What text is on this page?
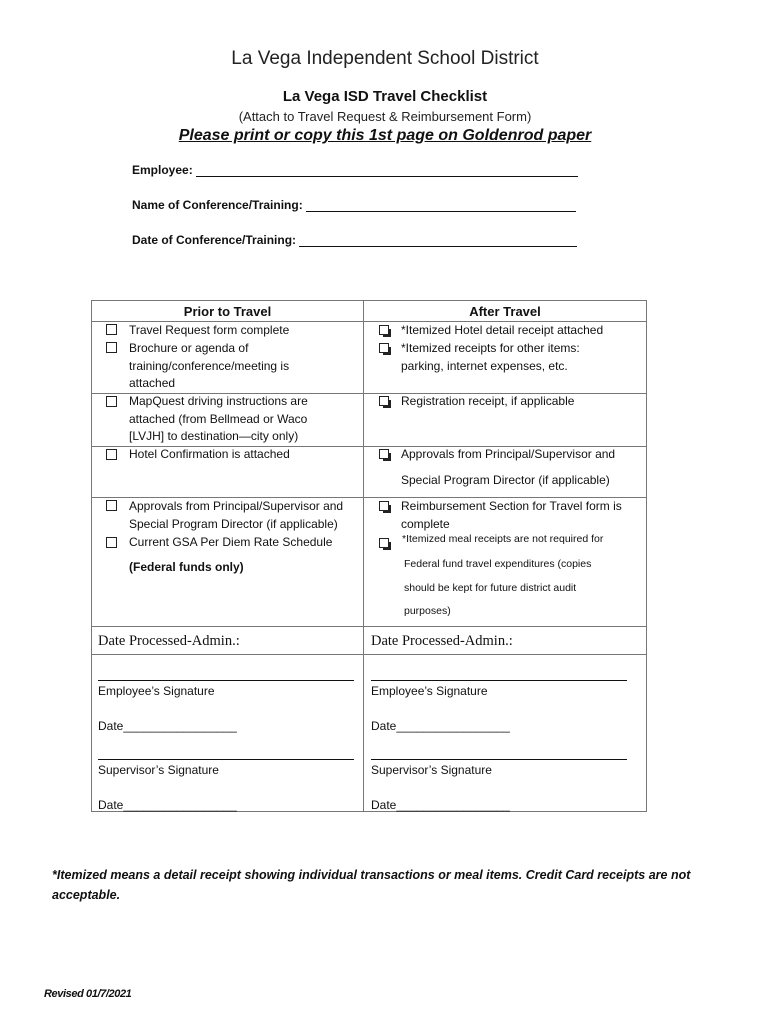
La Vega Independent School District
La Vega ISD Travel Checklist
(Attach to Travel Request & Reimbursement Form)
Please print or copy this 1st page on Goldenrod paper
Employee:
Name of Conference/Training:
Date of Conference/Training:
Prior to Travel	After Travel
Travel Request form complete
Brochure or agenda of
training/conference/meeting is
attached
MapQuest driving instructions are
attached (from Bellmead or Waco
[LVJH] to destination—city only)
Hotel Confirmation is attached
Approvals from Principal/Supervisor and
Special Program Director (if applicable)
Current GSA Per Diem Rate Schedule
(Federal funds only)
*Itemized Hotel detail receipt attached
*Itemized receipts for other items:
parking, internet expenses, etc.
Registration receipt, if applicable
Approvals from Principal/Supervisor and
Special Program Director (if applicable)
Reimbursement Section for Travel form is
complete
*Itemized meal receipts are not required for
Federal fund travel expenditures (copies
should be kept for future district audit
purposes)
Date Processed-Admin.:	Date Processed-Admin.:
Employee’s Signature
Date_________________
Supervisor’s Signature
Date_________________
Employee’s Signature
Date_________________
Supervisor’s Signature
Date_________________
*Itemized means a detail receipt showing individual transactions or meal items. Credit Card receipts are not acceptable.
Revised 01/7/2021
